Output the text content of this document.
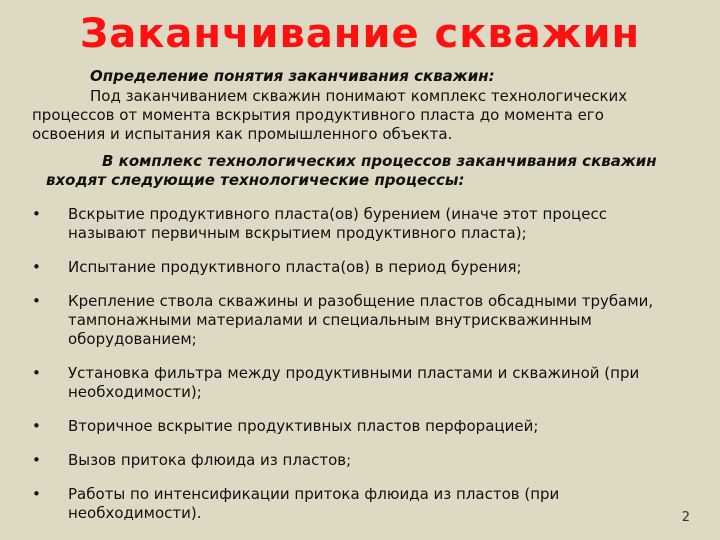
Заканчивание скважин
Определение понятия заканчивания скважин:
Под заканчиванием скважин понимают комплекс технологических процессов от момента вскрытия продуктивного пласта до момента его освоения и испытания как промышленного объекта.
В комплекс технологических процессов заканчивания скважин входят следующие технологические процессы:
•	Вскрытие продуктивного пласта(ов) бурением (иначе этот процесс называют первичным вскрытием продуктивного пласта);
•	Испытание продуктивного пласта(ов) в период бурения;
•	Крепление ствола скважины и разобщение пластов обсадными трубами, тампонажными материалами и специальным внутрискважинным оборудованием;
•	Установка фильтра между продуктивными пластами и скважиной (при необходимости);
•	Вторичное вскрытие продуктивных пластов перфорацией;
•	Вызов притока флюида из пластов;
•	Работы по интенсификации притока флюида из пластов (при необходимости).	2
